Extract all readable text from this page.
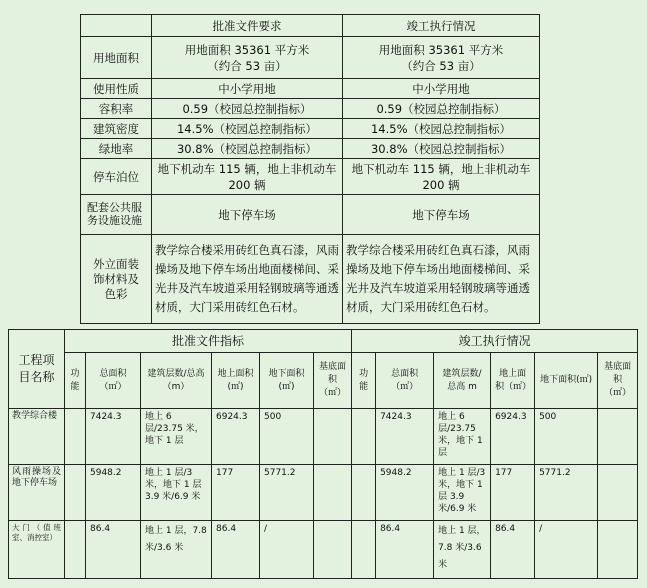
	批准文件要求	竣工执行情况
用地面积	用地面积 35361 平方米（约合 53 亩）	用地面积 35361 平方米（约合 53 亩）
使用性质	中小学用地	中小学用地
容积率	0.59（校园总控制指标）	0.59（校园总控制指标）
建筑密度	14.5%（校园总控制指标）	14.5%（校园总控制指标）
绿地率	30.8%（校园总控制指标）	30.8%（校园总控制指标）
停车泊位	地下机动车 115 辆，地上非机动车 200 辆	地下机动车 115 辆，地上非机动车 200 辆
配套公共服务设施设施	地下停车场	地下停车场
外立面装饰材料及色彩	教学综合楼采用砖红色真石漆，风雨操场及地下停车场出地面楼梯间、采光井及汽车坡道采用轻钢玻璃等通透材质，大门采用砖红色石材。	教学综合楼采用砖红色真石漆，风雨操场及地下停车场出地面楼梯间、采光井及汽车坡道采用轻钢玻璃等通透材质，大门采用砖红色石材。
工程项目名称	批准文件指标						竣工执行情况					
	功能	总面积（㎡）	建筑层数/总高（m）	地上面积(㎡)	地下面积(㎡)	基底面积（㎡）	功能	总面积（㎡）	建筑层数/总高 m	地上面积（㎡）	地下面积(㎡)	基底面积（㎡）
教学综合楼		7424.3	地上 6 层/23.75 米，地下 1 层	6924.3	500			7424.3	地上 6 层/23.75 米，地下 1 层	6924.3	500	
风雨操场及地下停车场		5948.2	地上 1 层/3 米，地下 1 层 3.9 米/6.9 米	177	5771.2			5948.2	地上 1 层/3 米，地下 1 层 3.9 米/6.9 米	177	5771.2	
大门（值班室、消控室）		86.4	地上 1 层，7.8 米/3.6 米	86.4	/			86.4	地上 1 层，7.8 米/3.6 米	86.4	/	
